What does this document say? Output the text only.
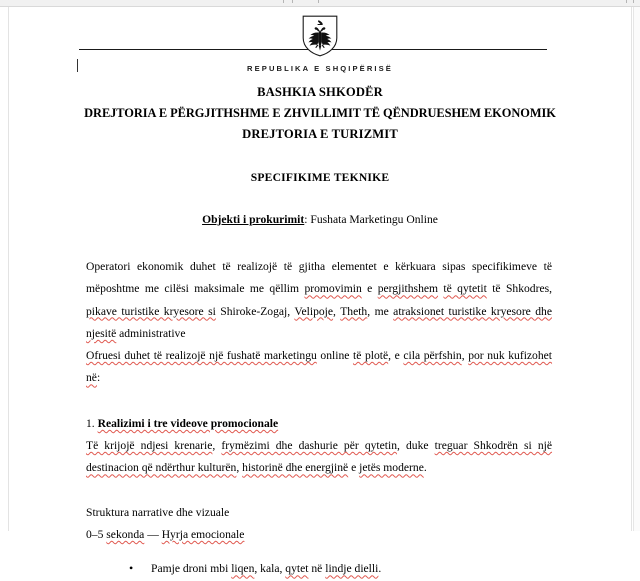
REPUBLIKA E SHQIPËRISË
BASHKIA SHKODËR
DREJTORIA E PËRGJITHSHME E ZHVILLIMIT TË QËNDRUESHEM EKONOMIK
DREJTORIA E TURIZMIT
SPECIFIKIME TEKNIKE
Objekti i prokurimit: Fushata Marketingu Online

Operatori ekonomik duhet të realizojë të gjitha elementet e kërkuara sipas specifikimeve të mëposhtme me cilësi maksimale me qëllim promovimin e pergjithshem të qytetit të Shkodres, pikave turistike kryesore si Shiroke-Zogaj, Velipoje, Theth, me atraksionet turistike kryesore dhe njesitë administrative

Ofruesi duhet të realizojë një fushatë marketingu online të plotë, e cila përfshin, por nuk kufizohet në:

1. Realizimi i tre videove promocionale

Të krijojë ndjesi krenarie, frymëzimi dhe dashurie për qytetin, duke treguar Shkodrën si një destinacion që ndërthur kulturën, historinë dhe energjinë e jetës moderne.

Struktura narrative dhe vizuale

0–5 sekonda — Hyrja emocionale

• Pamje droni mbi liqen, kala, qytet në lindje dielli.
